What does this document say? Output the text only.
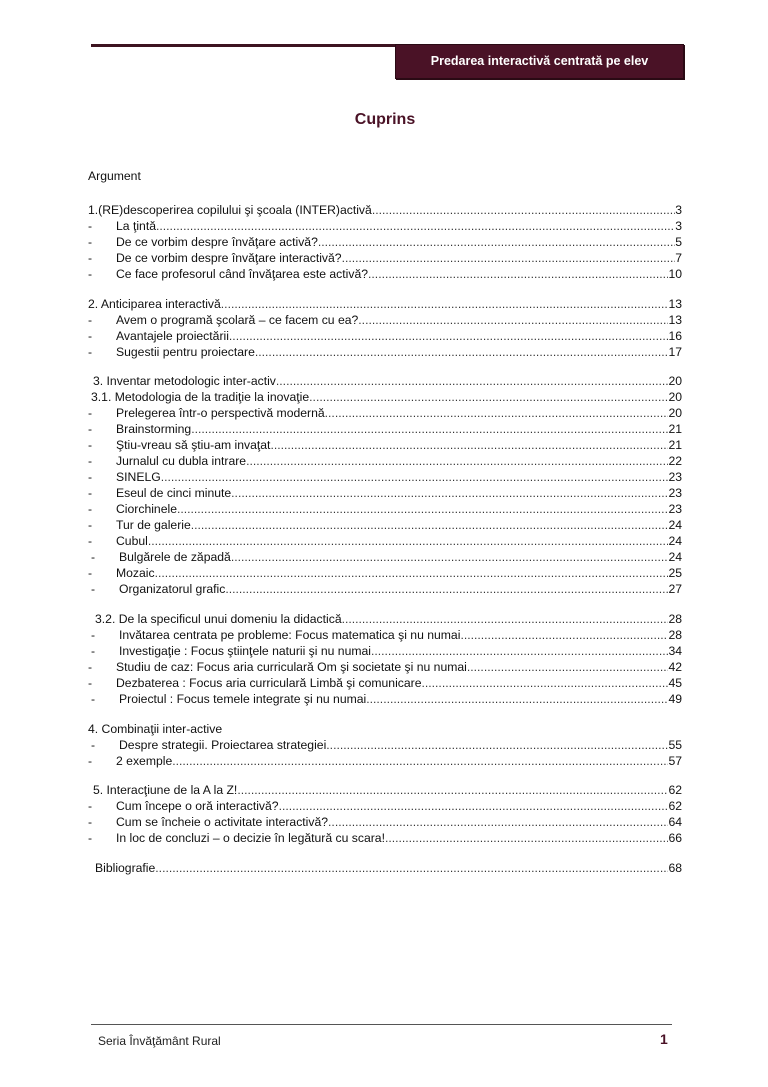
Predarea interactivă centrată pe elev
Cuprins
Argument
1.(RE)descoperirea copilului şi şcoala (INTER)activă .....	3
-	La ţintă .....	3
-	De ce vorbim despre învăţare activă? .....	5
-	De ce vorbim despre învăţare interactivă? .....	7
-	Ce face profesorul când învăţarea este activă? .....	10
2. Anticiparea interactivă .....	13
-	Avem o programă şcolară – ce facem cu ea? .....	13
-	Avantajele proiectării .....	16
-	Sugestii pentru proiectare .....	17
3. Inventar metodologic inter-activ .....	20
3.1. Metodologia de la tradiţie la inovaţie .....	20
-	Prelegerea într-o perspectivă modernă .....	20
-	Brainstorming .....	21
-	Ştiu-vreau să ştiu-am invaţat .....	21
-	Jurnalul cu dubla intrare .....	22
-	SINELG .....	23
-	Eseul de cinci minute .....	23
-	Ciorchinele .....	23
-	Tur de galerie .....	24
-	Cubul .....	24
-	Bulgărele de zăpadă .....	24
-	Mozaic .....	25
-	Organizatorul grafic .....	27
3.2. De la specificul unui domeniu la didactică .....	28
-	Invătarea centrata pe probleme: Focus matematica şi nu numai .....	28
-	Investigaţie : Focus ştiinţele naturii şi nu numai .....	34
-	Studiu de caz: Focus aria curriculară Om şi societate şi nu numai .....	42
-	Dezbaterea : Focus aria curriculară Limbă şi comunicare .....	45
-	Proiectul : Focus temele integrate şi nu numai .....	49
4. Combinaţii inter-active
-	Despre strategii. Proiectarea strategiei .....	55
-	2 exemple .....	57
5. Interacţiune de la A la Z! .....	62
-	Cum începe o oră interactivă? .....	62
-	Cum se încheie o activitate interactivă? .....	64
-	In loc de concluzi – o decizie în legătură cu scara! .....	66
Bibliografie .....	68
Seria Învăţământ Rural	1
